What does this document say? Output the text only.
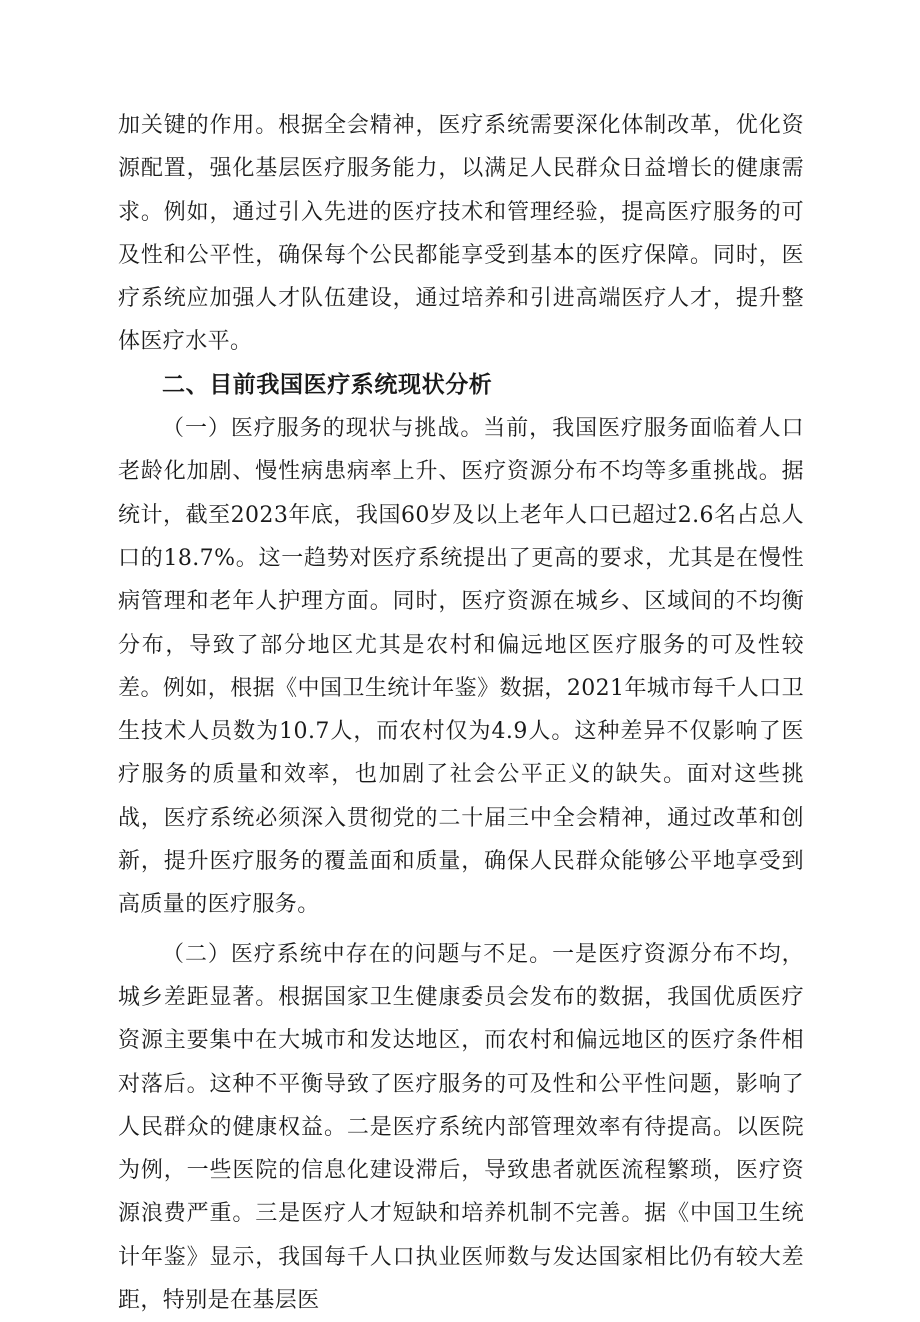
加关键的作用。根据全会精神，医疗系统需要深化体制改革，优化资源配置，强化基层医疗服务能力，以满足人民群众日益增长的健康需求。例如，通过引入先进的医疗技术和管理经验，提高医疗服务的可及性和公平性，确保每个公民都能享受到基本的医疗保障。同时，医疗系统应加强人才队伍建设，通过培养和引进高端医疗人才，提升整体医疗水平。

二、目前我国医疗系统现状分析

（一）医疗服务的现状与挑战。当前，我国医疗服务面临着人口老龄化加剧、慢性病患病率上升、医疗资源分布不均等多重挑战。据统计，截至2023年底，我国60岁及以上老年人口已超过2.6名占总人口的18.7%。这一趋势对医疗系统提出了更高的要求，尤其是在慢性病管理和老年人护理方面。同时，医疗资源在城乡、区域间的不均衡分布，导致了部分地区尤其是农村和偏远地区医疗服务的可及性较差。例如，根据《中国卫生统计年鉴》数据，2021年城市每千人口卫生技术人员数为10.7人，而农村仅为4.9人。这种差异不仅影响了医疗服务的质量和效率，也加剧了社会公平正义的缺失。面对这些挑战，医疗系统必须深入贯彻党的二十届三中全会精神，通过改革和创新，提升医疗服务的覆盖面和质量，确保人民群众能够公平地享受到高质量的医疗服务。

（二）医疗系统中存在的问题与不足。一是医疗资源分布不均，城乡差距显著。根据国家卫生健康委员会发布的数据，我国优质医疗资源主要集中在大城市和发达地区，而农村和偏远地区的医疗条件相对落后。这种不平衡导致了医疗服务的可及性和公平性问题，影响了人民群众的健康权益。二是医疗系统内部管理效率有待提高。以医院为例，一些医院的信息化建设滞后，导致患者就医流程繁琐，医疗资源浪费严重。三是医疗人才短缺和培养机制不完善。据《中国卫生统计年鉴》显示，我国每千人口执业医师数与发达国家相比仍有较大差距，特别是在基层医
